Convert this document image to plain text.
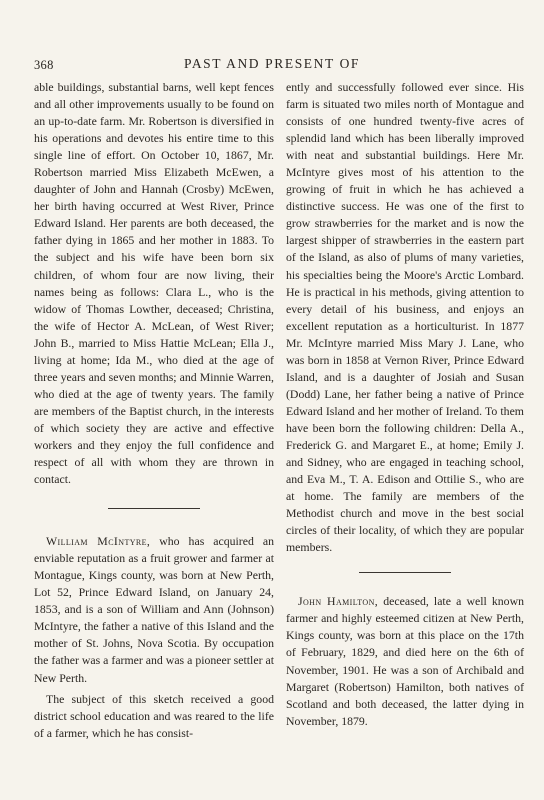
368	PAST AND PRESENT OF

able buildings, substantial barns, well kept fences and all other improvements usually to be found on an up-to-date farm. Mr. Robertson is diversified in his operations and devotes his entire time to this single line of effort. On October 10, 1867, Mr. Robertson married Miss Elizabeth McEwen, a daughter of John and Hannah (Crosby) McEwen, her birth having occurred at West River, Prince Edward Island. Her parents are both deceased, the father dying in 1865 and her mother in 1883. To the subject and his wife have been born six children, of whom four are now living, their names being as follows: Clara L., who is the widow of Thomas Lowther, deceased; Christina, the wife of Hector A. McLean, of West River; John B., married to Miss Hattie McLean; Ella J., living at home; Ida M., who died at the age of three years and seven months; and Minnie Warren, who died at the age of twenty years. The family are members of the Baptist church, in the interests of which society they are active and effective workers and they enjoy the full confidence and respect of all with whom they are thrown in contact.

William McIntyre, who has acquired an enviable reputation as a fruit grower and farmer at Montague, Kings county, was born at New Perth, Lot 52, Prince Edward Island, on January 24, 1853, and is a son of William and Ann (Johnson) McIntyre, the father a native of this Island and the mother of St. Johns, Nova Scotia. By occupation the father was a farmer and was a pioneer settler at New Perth.

The subject of this sketch received a good district school education and was reared to the life of a farmer, which he has consist-

ently and successfully followed ever since. His farm is situated two miles north of Montague and consists of one hundred twenty-five acres of splendid land which has been liberally improved with neat and substantial buildings. Here Mr. McIntyre gives most of his attention to the growing of fruit in which he has achieved a distinctive success. He was one of the first to grow strawberries for the market and is now the largest shipper of strawberries in the eastern part of the Island, as also of plums of many varieties, his specialties being the Moore's Arctic Lombard. He is practical in his methods, giving attention to every detail of his business, and enjoys an excellent reputation as a horticulturist. In 1877 Mr. McIntyre married Miss Mary J. Lane, who was born in 1858 at Vernon River, Prince Edward Island, and is a daughter of Josiah and Susan (Dodd) Lane, her father being a native of Prince Edward Island and her mother of Ireland. To them have been born the following children: Della A., Frederick G. and Margaret E., at home; Emily J. and Sidney, who are engaged in teaching school, and Eva M., T. A. Edison and Ottilie S., who are at home. The family are members of the Methodist church and move in the best social circles of their locality, of which they are popular members.

John Hamilton, deceased, late a well known farmer and highly esteemed citizen at New Perth, Kings county, was born at this place on the 17th of February, 1829, and died here on the 6th of November, 1901. He was a son of Archibald and Margaret (Robertson) Hamilton, both natives of Scotland and both deceased, the latter dying in November, 1879.
